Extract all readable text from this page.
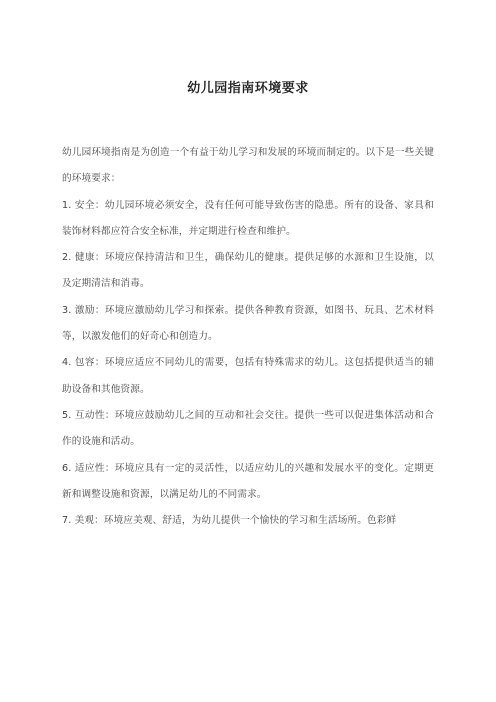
幼儿园指南环境要求

幼儿园环境指南是为创造一个有益于幼儿学习和发展的环境而制定的。以下是一些关键的环境要求：

1. 安全：幼儿园环境必须安全，没有任何可能导致伤害的隐患。所有的设备、家具和装饰材料都应符合安全标准，并定期进行检查和维护。

2. 健康：环境应保持清洁和卫生，确保幼儿的健康。提供足够的水源和卫生设施，以及定期清洁和消毒。

3. 激励：环境应激励幼儿学习和探索。提供各种教育资源，如图书、玩具、艺术材料等，以激发他们的好奇心和创造力。

4. 包容：环境应适应不同幼儿的需要，包括有特殊需求的幼儿。这包括提供适当的辅助设备和其他资源。

5. 互动性：环境应鼓励幼儿之间的互动和社会交往。提供一些可以促进集体活动和合作的设施和活动。

6. 适应性：环境应具有一定的灵活性，以适应幼儿的兴趣和发展水平的变化。定期更新和调整设施和资源，以满足幼儿的不同需求。

7. 美观：环境应美观、舒适，为幼儿提供一个愉快的学习和生活场所。色彩鲜
